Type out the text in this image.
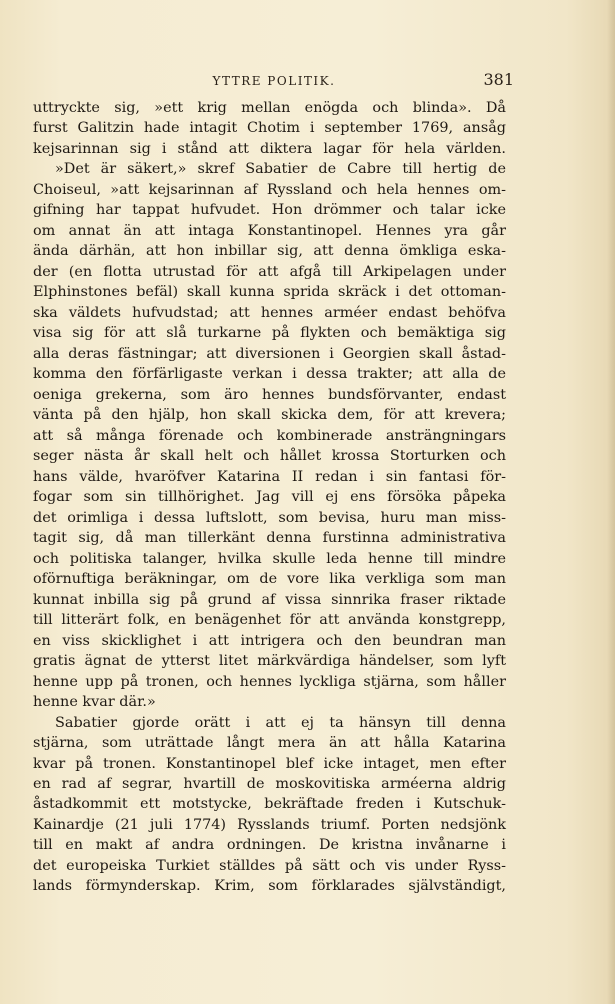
YTTRE POLITIK.	381
uttryckte sig, »ett krig mellan enögda och blinda». Då
furst Galitzin hade intagit Chotim i september 1769, ansåg
kejsarinnan sig i stånd att diktera lagar för hela världen.
»Det är säkert,» skref Sabatier de Cabre till hertig de
Choiseul, »att kejsarinnan af Ryssland och hela hennes om-
gifning har tappat hufvudet. Hon drömmer och talar icke
om annat än att intaga Konstantinopel. Hennes yra går
ända därhän, att hon inbillar sig, att denna ömkliga eska-
der (en flotta utrustad för att afgå till Arkipelagen under
Elphinstones befäl) skall kunna sprida skräck i det ottoman-
ska väldets hufvudstad; att hennes arméer endast behöfva
visa sig för att slå turkarne på flykten och bemäktiga sig
alla deras fästningar; att diversionen i Georgien skall åstad-
komma den förfärligaste verkan i dessa trakter; att alla de
oeniga grekerna, som äro hennes bundsförvanter, endast
vänta på den hjälp, hon skall skicka dem, för att krevera;
att så många förenade och kombinerade ansträngningars
seger nästa år skall helt och hållet krossa Storturken och
hans välde, hvaröfver Katarina II redan i sin fantasi för-
fogar som sin tillhörighet. Jag vill ej ens försöka påpeka
det orimliga i dessa luftslott, som bevisa, huru man miss-
tagit sig, då man tillerkänt denna furstinna administrativa
och politiska talanger, hvilka skulle leda henne till mindre
oförnuftiga beräkningar, om de vore lika verkliga som man
kunnat inbilla sig på grund af vissa sinnrika fraser riktade
till litterärt folk, en benägenhet för att använda konstgrepp,
en viss skicklighet i att intrigera och den beundran man
gratis ägnat de ytterst litet märkvärdiga händelser, som lyft
henne upp på tronen, och hennes lyckliga stjärna, som håller
henne kvar där.»
Sabatier gjorde orätt i att ej ta hänsyn till denna
stjärna, som uträttade långt mera än att hålla Katarina
kvar på tronen. Konstantinopel blef icke intaget, men efter
en rad af segrar, hvartill de moskovitiska arméerna aldrig
åstadkommit ett motstycke, bekräftade freden i Kutschuk-
Kainardje (21 juli 1774) Rysslands triumf. Porten nedsjönk
till en makt af andra ordningen. De kristna invånarne i
det europeiska Turkiet ställdes på sätt och vis under Ryss-
lands förmynderskap. Krim, som förklarades självständigt,
